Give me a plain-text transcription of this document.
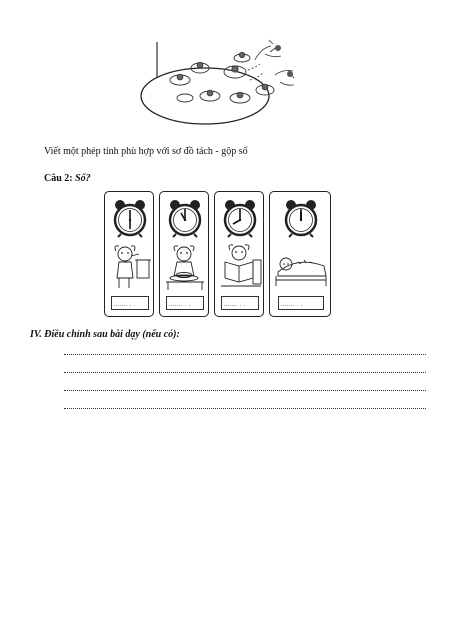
Viết một phép tính phù hợp với sơ đồ tách - gộp số
Câu 2: Số?
....... . .	....... . .	....... . .	....... . .
IV. Điều chỉnh sau bài dạy (nếu có):
